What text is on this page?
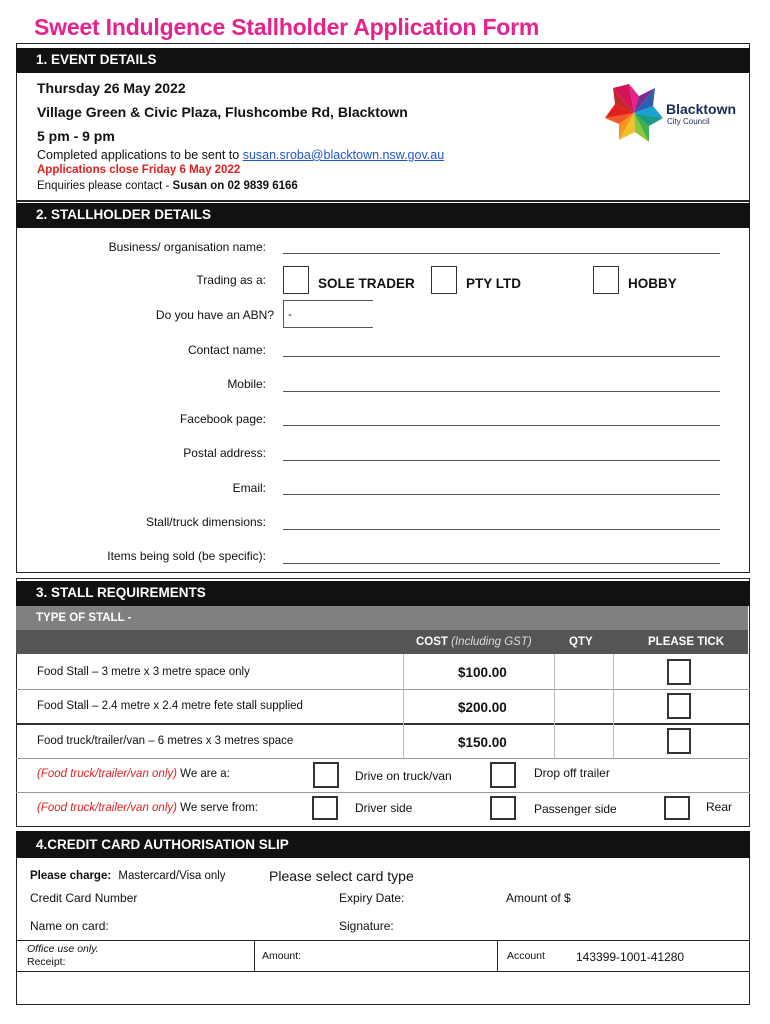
Sweet Indulgence Stallholder Application Form
1. EVENT DETAILS
Thursday 26 May 2022
Village Green & Civic Plaza, Flushcombe Rd, Blacktown
5 pm - 9 pm
Completed applications to be sent to susan.sroba@blacktown.nsw.gov.au
Applications close Friday 6 May 2022
Enquiries please contact - Susan on 02 9839 6166
Blacktown
City Council
2. STALLHOLDER DETAILS
Business/ organisation name:
Trading as a:	SOLE TRADER	PTY LTD	HOBBY
Do you have an ABN?	-
Contact name:
Mobile:
Facebook page:
Postal address:
Email:
Stall/truck dimensions:
Items being sold (be specific):
3. STALL REQUIREMENTS
TYPE OF STALL -
COST (Including GST)	QTY	PLEASE TICK
Food Stall – 3 metre x 3 metre space only	$100.00
Food Stall – 2.4 metre x 2.4 metre fete stall supplied	$200.00
Food truck/trailer/van – 6 metres x 3 metres space	$150.00
(Food truck/trailer/van only) We are a:	Drive on truck/van	Drop off trailer
(Food truck/trailer/van only) We serve from:	Driver side	Passenger side	Rear
4.CREDIT CARD AUTHORISATION SLIP
Please charge: Mastercard/Visa only	Please select card type
Credit Card Number	Expiry Date:	Amount of $
Name on card:	Signature:
Office use only.
Receipt:	Amount:	Account	143399-1001-41280
